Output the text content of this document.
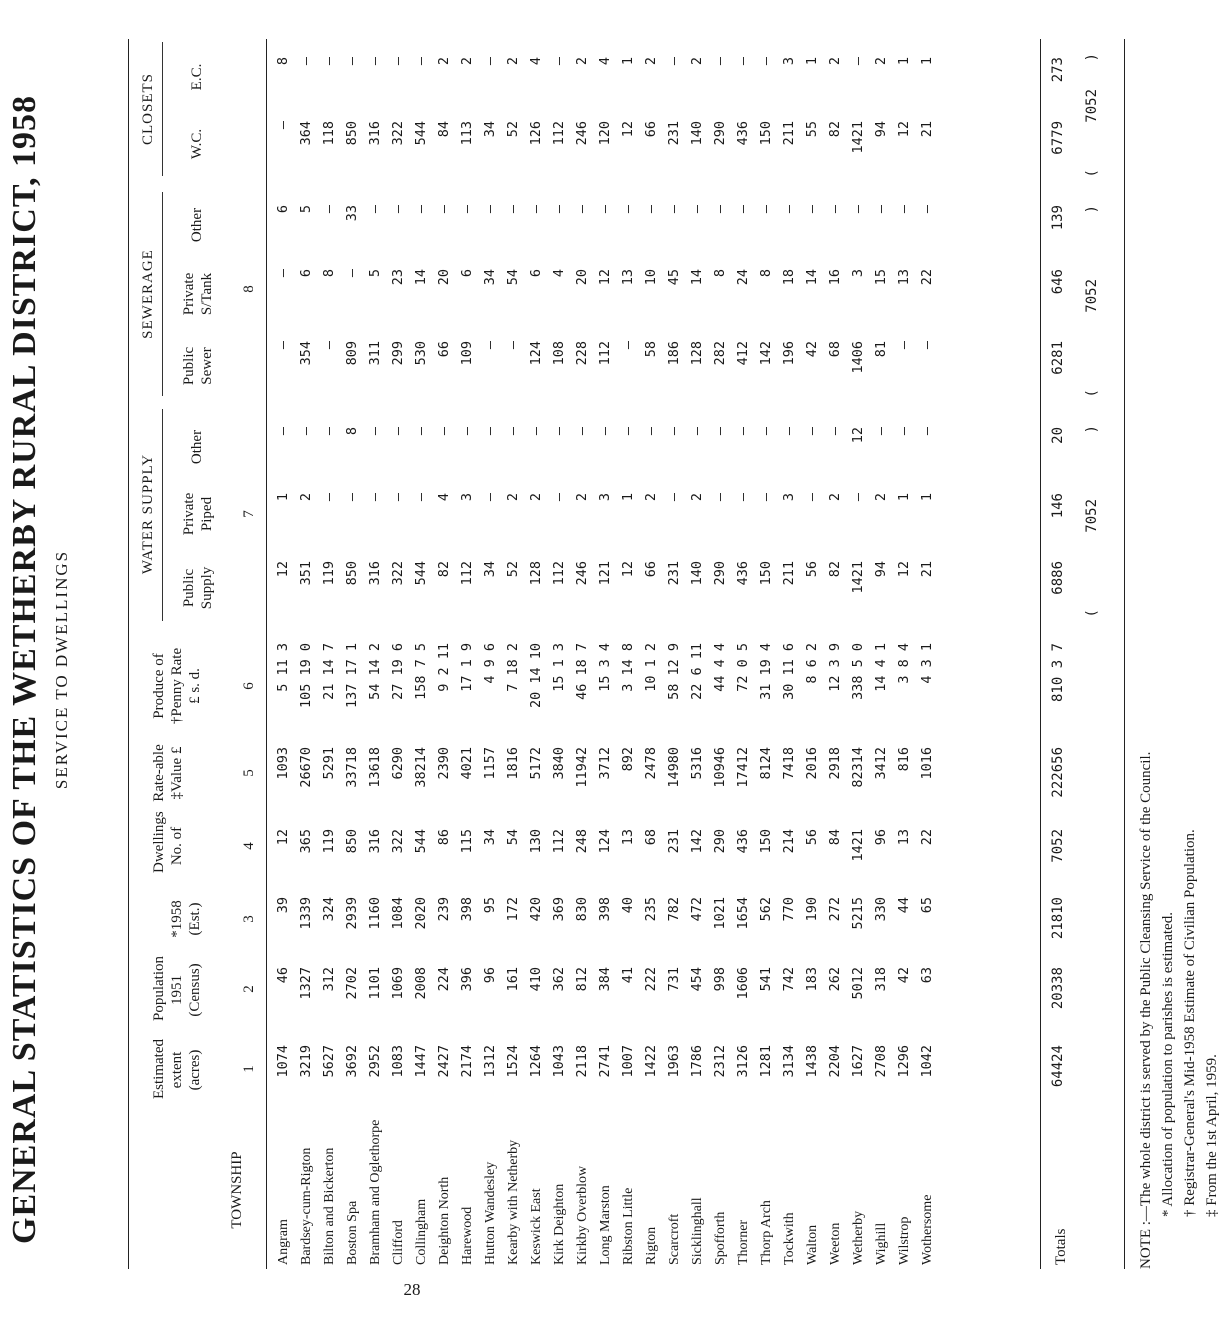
GENERAL STATISTICS OF THE WETHERBY RURAL DISTRICT, 1958 SERVICE TO DWELLINGS
TOWNSHIP
Estimated extent (acres)
Population 1951 (Census)
*1958 (Est.)
Dwellings No. of
Rate-able ‡Value £
Produce of †Penny Rate £ s. d.
WATER SUPPLY
Public Supply
Private Piped
Other
SEWERAGE
Public Sewer
Private S/Tank
Other
CLOSETS W.C.
E.C.
1
2
3
4
5
6
7
8
Angram Bardsey-cum-Rigton Bilton and Bickerton Boston Spa Bramham and Oglethorpe Clifford Collingham Deighton North Harewood Hutton Wandesley Kearby with Netherby Keswick East Kirk Deighton Kirkby Overblow Long Marston Ribston Little Rigton Scarcroft Sicklinghall Spofforth Thorner Thorp Arch Tockwith Walton Weeton Wetherby Wighill Wilstrop Wothersome
1074 3219 5627 3692 2952 1083 1447 2427 2174 1312 1524 1264 1043 2118 2741 1007 1422 1963 1786 2312 3126 1281 3134 1438 2204 1627 2708 1296 1042
46 1327 312 2702 1101 1069 2008 224 396 96 161 410 362 812 384 41 222 731 454 998 1606 541 742 183 262 5012 318 42 63
39 1339 324 2939 1160 1084 2020 239 398 95 172 420 369 830 398 40 235 782 472 1021 1654 562 770 190 272 5215 330 44 65
12 365 119 850 316 322 544 86 115 34 54 130 112 248 124 13 68 231 142 290 436 150 214 56 84 1421 96 13 22
1093 26670 5291 33718 13618 6290 38214 2390 4021 1157 1816 5172 3840 11942 3712 892 2478 14980 5316 10946 17412 8124 7418 2016 2918 82314 3412 816 1016
5 11 3 105 19 0 21 14 7 137 17 1 54 14 2 27 19 6 158 7 5 9 2 11 17 1 9 4 9 6 7 18 2 20 14 10 15 1 3 46 18 7 15 3 4 3 14 8 10 1 2 58 12 9 22 6 11 44 4 4 72 0 5 31 19 4 30 11 6 8 6 2 12 3 9 338 5 0 14 4 1 3 8 4 4 3 1
12 351 119 850 316 322 544 82 112 34 52 128 112 246 121 12 66 231 140 290 436 150 211 56 82 1421 94 12 21
1 2 — — — — — 4 3 — 2 2 — 2 3 1 2 — 2 — — — 3 — 2 — 2 1 1
— — — 8 — — — — — — — — — — — — — — — — — — — — — 12 — — —
— 354 — 809 311 299 530 66 109 — — 124 108 228 112 — 58 186 128 282 412 142 196 42 68 1406 81 — —
— 6 8 — 5 23 14 20 6 34 54 6 4 20 12 13 10 45 14 8 24 8 18 14 16 3 15 13 22
6 5 — 33 — — — — — — — — — — — — — — — — — — — — — — — — —
— 364 118 850 316 322 544 84 113 34 52 126 112 246 120 12 66 231 140 290 436 150 211 55 82 1421 94 12 21
8 — — — — — — 2 2 — 2 4 — 2 4 1 2 — 2 — — — 3 1 2 — 2 1 1
Totals
64424
20338
21810
7052
222656
810 3 7
6886
146
20
6281
646
139
6779
273
(
7052
)
(
7052
)
(
7052
)
NOTE :—The whole district is served by the Public Cleansing Service of the Council. * Allocation of population to parishes is estimated. † Registrar-General's Mid-1958 Estimate of Civilian Population. ‡ From the 1st April, 1959.
28
